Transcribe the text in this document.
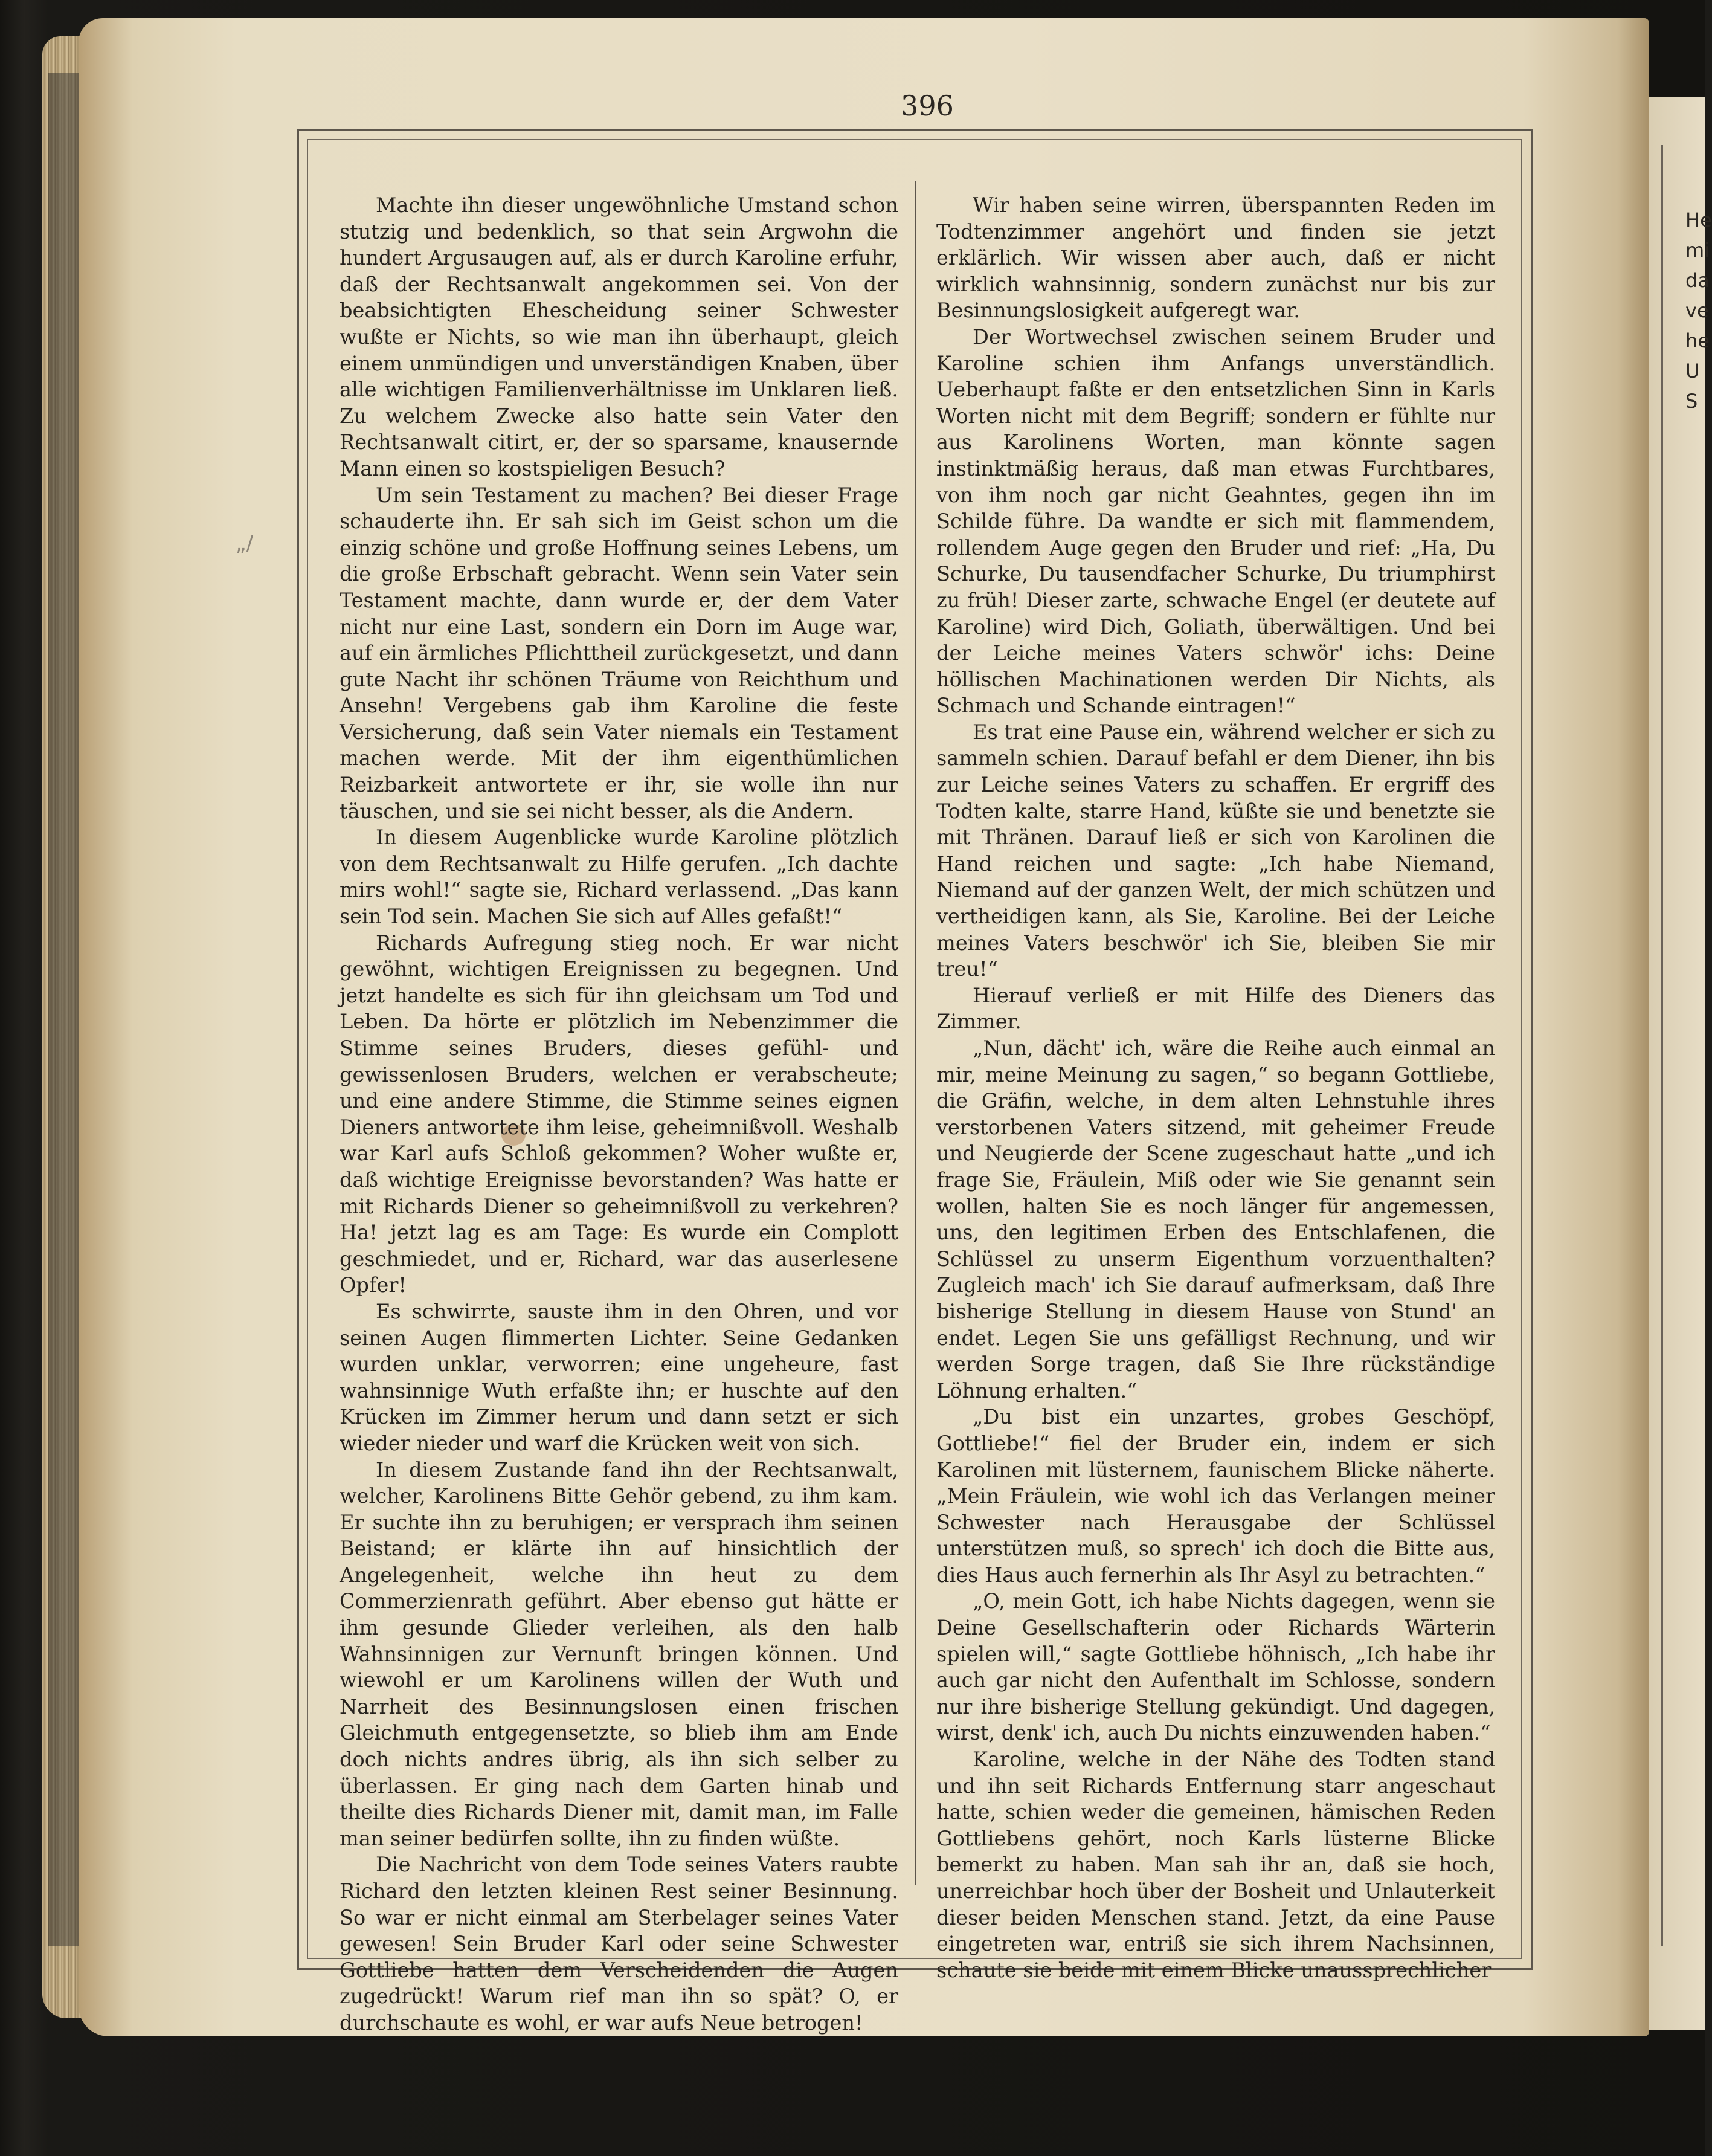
He
mi
da
ve
he
U
S
396
„/

Machte ihn dieser ungewöhnliche Umstand schon stutzig und bedenklich, so that sein Argwohn die hundert Argusaugen auf, als er durch Karoline erfuhr, daß der Rechtsanwalt angekommen sei. Von der beabsichtigten Ehescheidung seiner Schwester wußte er Nichts, so wie man ihn überhaupt, gleich einem unmündigen und unverständigen Knaben, über alle wichtigen Familienverhältnisse im Unklaren ließ. Zu welchem Zwecke also hatte sein Vater den Rechtsanwalt citirt, er, der so sparsame, knausernde Mann einen so kostspieligen Besuch?

Um sein Testament zu machen? Bei dieser Frage schauderte ihn. Er sah sich im Geist schon um die einzig schöne und große Hoffnung seines Lebens, um die große Erbschaft gebracht. Wenn sein Vater sein Testament machte, dann wurde er, der dem Vater nicht nur eine Last, sondern ein Dorn im Auge war, auf ein ärmliches Pflichttheil zurückgesetzt, und dann gute Nacht ihr schönen Träume von Reichthum und Ansehn! Vergebens gab ihm Karoline die feste Versicherung, daß sein Vater niemals ein Testament machen werde. Mit der ihm eigenthümlichen Reizbarkeit antwortete er ihr, sie wolle ihn nur täuschen, und sie sei nicht besser, als die Andern.

In diesem Augenblicke wurde Karoline plötzlich von dem Rechtsanwalt zu Hilfe gerufen. „Ich dachte mirs wohl!“ sagte sie, Richard verlassend. „Das kann sein Tod sein. Machen Sie sich auf Alles gefaßt!“

Richards Aufregung stieg noch. Er war nicht gewöhnt, wichtigen Ereignissen zu begegnen. Und jetzt handelte es sich für ihn gleichsam um Tod und Leben. Da hörte er plötzlich im Nebenzimmer die Stimme seines Bruders, dieses gefühl- und gewissenlosen Bruders, welchen er verabscheute; und eine andere Stimme, die Stimme seines eignen Dieners antwortete ihm leise, geheimnißvoll. Weshalb war Karl aufs Schloß gekommen? Woher wußte er, daß wichtige Ereignisse bevorstanden? Was hatte er mit Richards Diener so geheimnißvoll zu verkehren? Ha! jetzt lag es am Tage: Es wurde ein Complott geschmiedet, und er, Richard, war das auserlesene Opfer!

Es schwirrte, sauste ihm in den Ohren, und vor seinen Augen flimmerten Lichter. Seine Gedanken wurden unklar, verworren; eine ungeheure, fast wahnsinnige Wuth erfaßte ihn; er huschte auf den Krücken im Zimmer herum und dann setzt er sich wieder nieder und warf die Krücken weit von sich.

In diesem Zustande fand ihn der Rechtsanwalt, welcher, Karolinens Bitte Gehör gebend, zu ihm kam. Er suchte ihn zu beruhigen; er versprach ihm seinen Beistand; er klärte ihn auf hinsichtlich der Angelegenheit, welche ihn heut zu dem Commerzienrath geführt. Aber ebenso gut hätte er ihm gesunde Glieder verleihen, als den halb Wahnsinnigen zur Vernunft bringen können. Und wiewohl er um Karolinens willen der Wuth und Narrheit des Besinnungslosen einen frischen Gleichmuth entgegensetzte, so blieb ihm am Ende doch nichts andres übrig, als ihn sich selber zu überlassen. Er ging nach dem Garten hinab und theilte dies Richards Diener mit, damit man, im Falle man seiner bedürfen sollte, ihn zu finden wüßte.

Die Nachricht von dem Tode seines Vaters raubte Richard den letzten kleinen Rest seiner Besinnung. So war er nicht einmal am Sterbelager seines Vater gewesen! Sein Bruder Karl oder seine Schwester Gottliebe hatten dem Verscheidenden die Augen zugedrückt! Warum rief man ihn so spät? O, er durchschaute es wohl, er war aufs Neue betrogen!

Wir haben seine wirren, überspannten Reden im Todtenzimmer angehört und finden sie jetzt erklärlich. Wir wissen aber auch, daß er nicht wirklich wahnsinnig, sondern zunächst nur bis zur Besinnungslosigkeit aufgeregt war.

Der Wortwechsel zwischen seinem Bruder und Karoline schien ihm Anfangs unverständlich. Ueberhaupt faßte er den entsetzlichen Sinn in Karls Worten nicht mit dem Begriff; sondern er fühlte nur aus Karolinens Worten, man könnte sagen instinktmäßig heraus, daß man etwas Furchtbares, von ihm noch gar nicht Geahntes, gegen ihn im Schilde führe. Da wandte er sich mit flammendem, rollendem Auge gegen den Bruder und rief: „Ha, Du Schurke, Du tausendfacher Schurke, Du triumphirst zu früh! Dieser zarte, schwache Engel (er deutete auf Karoline) wird Dich, Goliath, überwältigen. Und bei der Leiche meines Vaters schwör' ichs: Deine höllischen Machinationen werden Dir Nichts, als Schmach und Schande eintragen!“

Es trat eine Pause ein, während welcher er sich zu sammeln schien. Darauf befahl er dem Diener, ihn bis zur Leiche seines Vaters zu schaffen. Er ergriff des Todten kalte, starre Hand, küßte sie und benetzte sie mit Thränen. Darauf ließ er sich von Karolinen die Hand reichen und sagte: „Ich habe Niemand, Niemand auf der ganzen Welt, der mich schützen und vertheidigen kann, als Sie, Karoline. Bei der Leiche meines Vaters beschwör' ich Sie, bleiben Sie mir treu!“

Hierauf verließ er mit Hilfe des Dieners das Zimmer.

„Nun, dächt' ich, wäre die Reihe auch einmal an mir, meine Meinung zu sagen,“ so begann Gottliebe, die Gräfin, welche, in dem alten Lehnstuhle ihres verstorbenen Vaters sitzend, mit geheimer Freude und Neugierde der Scene zugeschaut hatte „und ich frage Sie, Fräulein, Miß oder wie Sie genannt sein wollen, halten Sie es noch länger für angemessen, uns, den legitimen Erben des Entschlafenen, die Schlüssel zu unserm Eigenthum vorzuenthalten? Zugleich mach' ich Sie darauf aufmerksam, daß Ihre bisherige Stellung in diesem Hause von Stund' an endet. Legen Sie uns gefälligst Rechnung, und wir werden Sorge tragen, daß Sie Ihre rückständige Löhnung erhalten.“

„Du bist ein unzartes, grobes Geschöpf, Gottliebe!“ fiel der Bruder ein, indem er sich Karolinen mit lüsternem, faunischem Blicke näherte. „Mein Fräulein, wie wohl ich das Verlangen meiner Schwester nach Herausgabe der Schlüssel unterstützen muß, so sprech' ich doch die Bitte aus, dies Haus auch fernerhin als Ihr Asyl zu betrachten.“

„O, mein Gott, ich habe Nichts dagegen, wenn sie Deine Gesellschafterin oder Richards Wärterin spielen will,“ sagte Gottliebe höhnisch, „Ich habe ihr auch gar nicht den Aufenthalt im Schlosse, sondern nur ihre bisherige Stellung gekündigt. Und dagegen, wirst, denk' ich, auch Du nichts einzuwenden haben.“

Karoline, welche in der Nähe des Todten stand und ihn seit Richards Entfernung starr angeschaut hatte, schien weder die gemeinen, hämischen Reden Gottliebens gehört, noch Karls lüsterne Blicke bemerkt zu haben. Man sah ihr an, daß sie hoch, unerreichbar hoch über der Bosheit und Unlauterkeit dieser beiden Menschen stand. Jetzt, da eine Pause eingetreten war, entriß sie sich ihrem Nachsinnen, schaute sie beide mit einem Blicke unaussprechlicher
